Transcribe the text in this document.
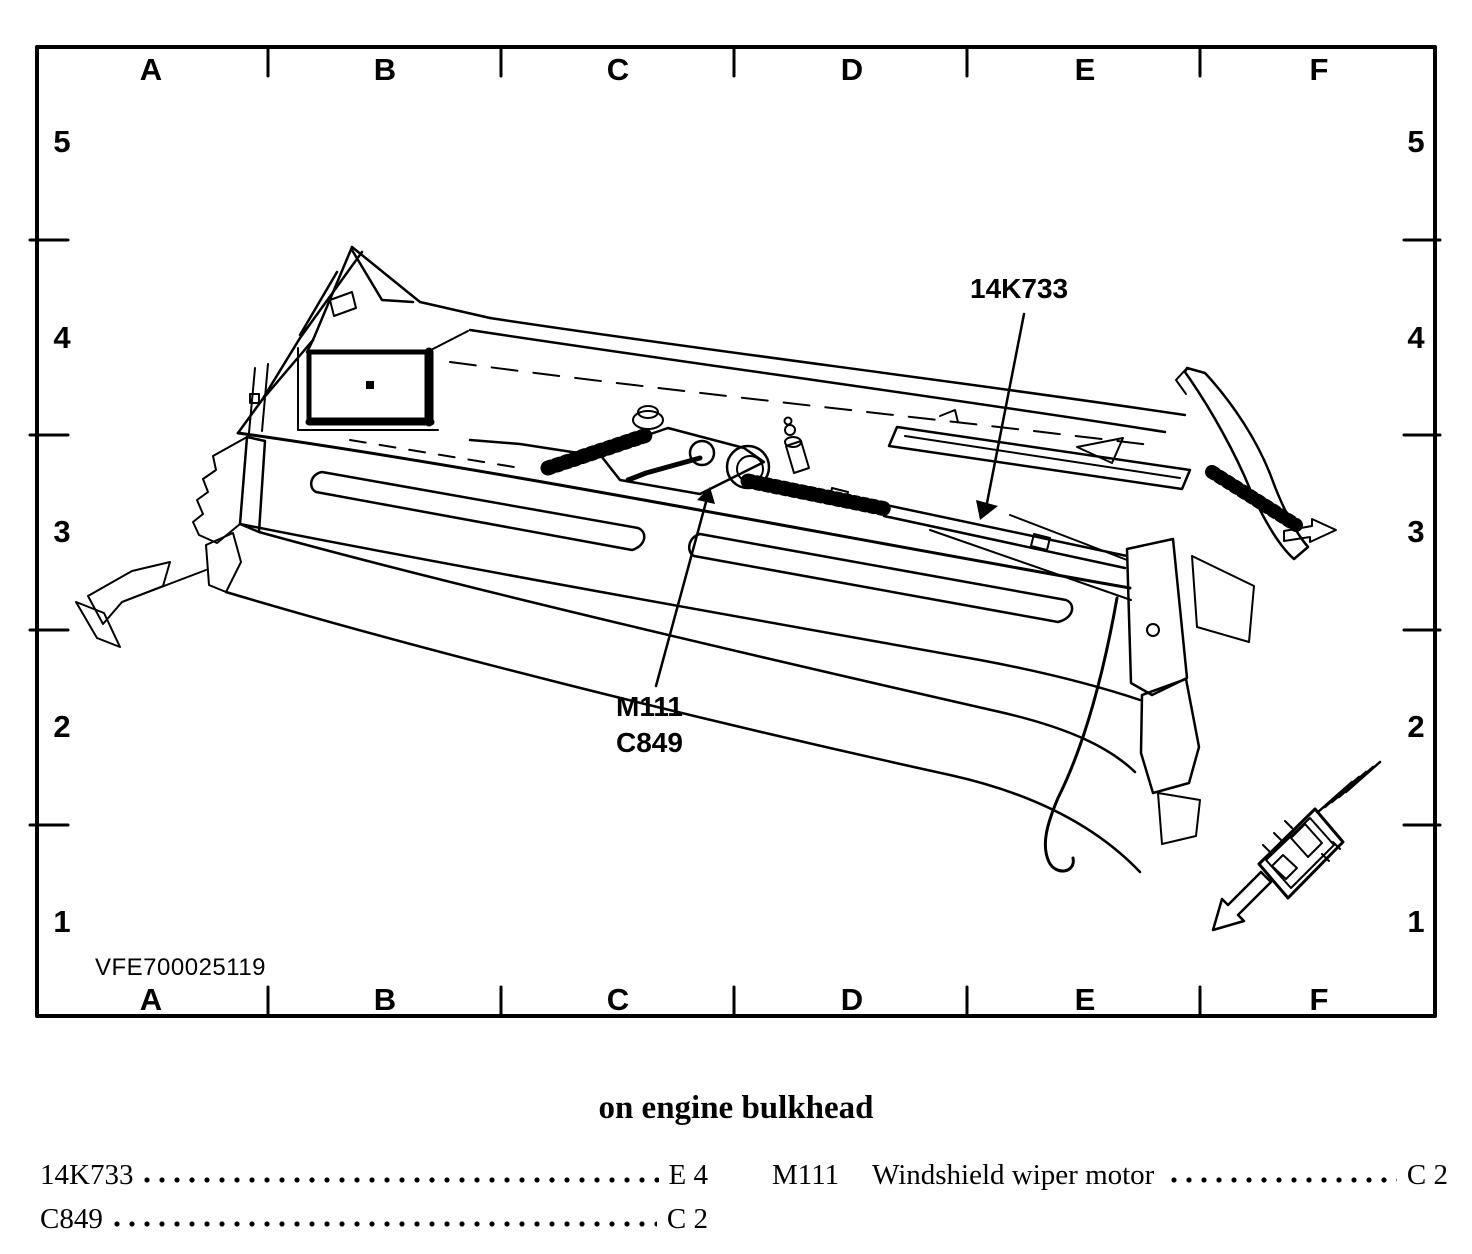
A	B	C	D	E	F
A	B	C	D	E	F
5
4
3
2
1
5
4
3
2
1
14K733
M111
C849
VFE700025119
on engine bulkhead
14K733	E 4
C849	C 2
M111	Windshield wiper motor	C 2
